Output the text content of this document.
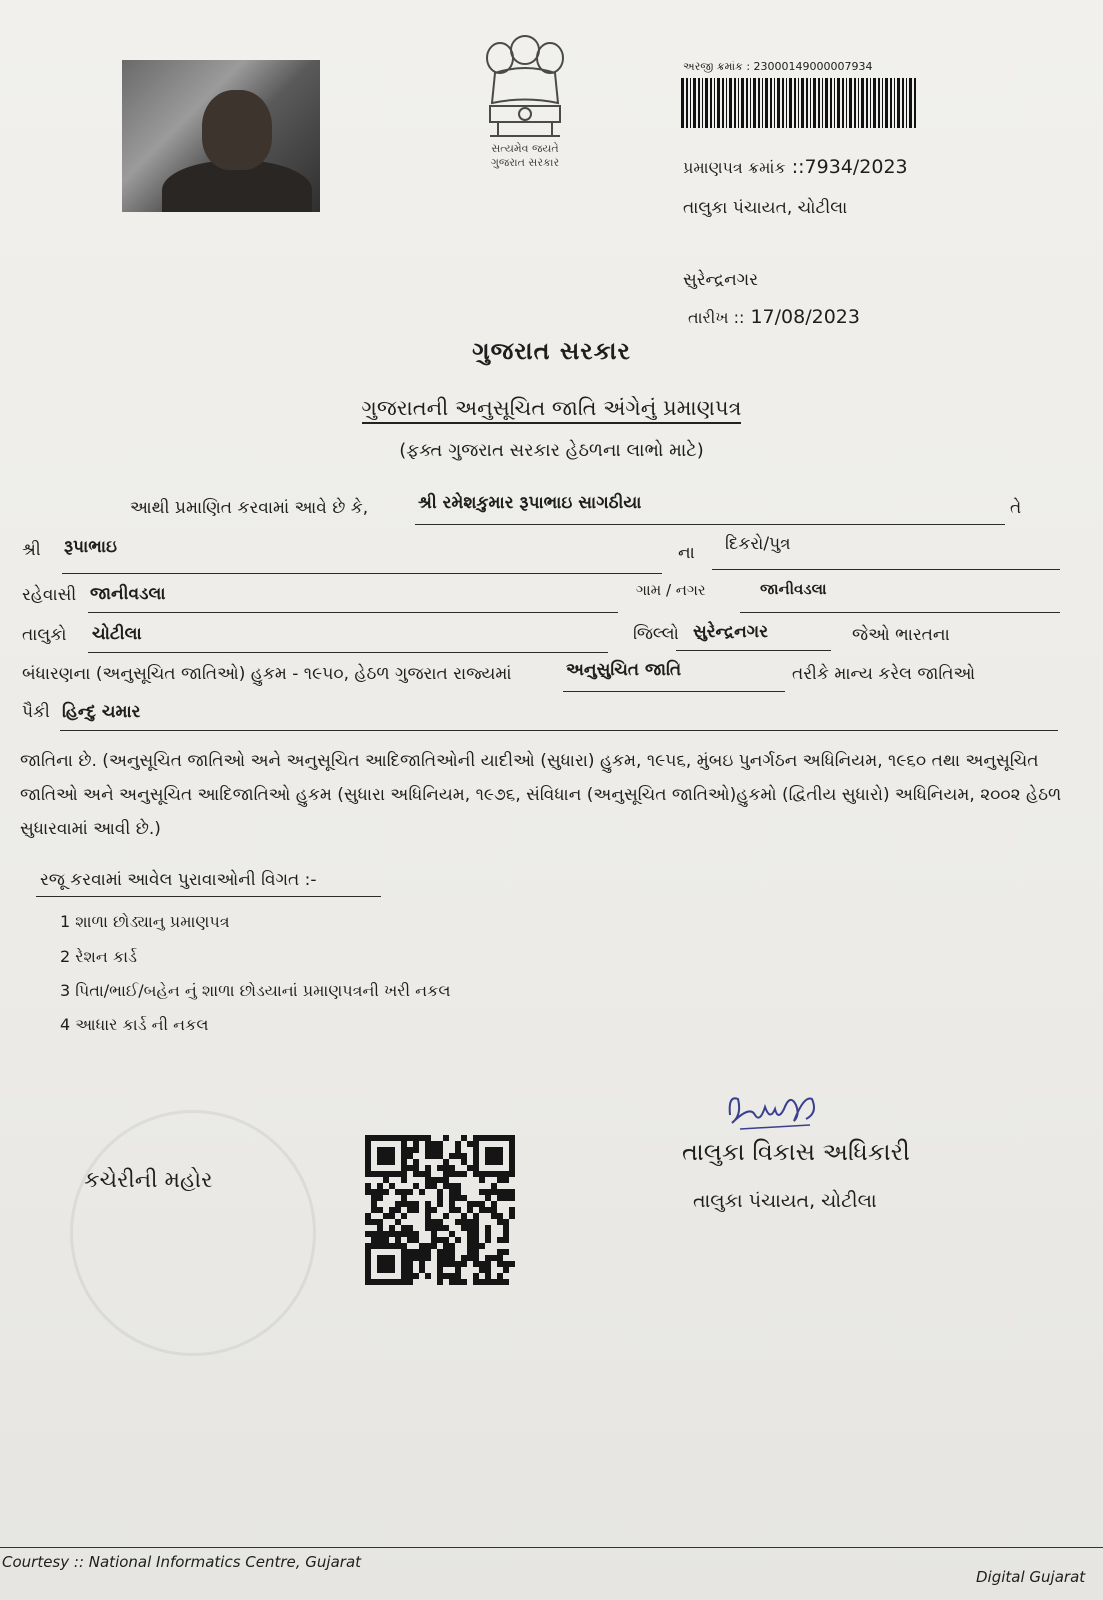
સત્યમેવ જયતે
ગુજરાત સરકાર
અરજી ક્રમાંક : 23000149000007934
પ્રમાણપત્ર ક્રમાંક ::7934/2023
તાલુકા પંચાયત, ચોટીલા
સુરેન્દ્રનગર
તારીખ :: 17/08/2023
ગુજરાત સરકાર
ગુજરાતની અનુસૂચિત જાતિ અંગેનું પ્રમાણપત્ર
(ફક્ત ગુજરાત સરકાર હેઠળના લાભો માટે)
આથી પ્રમાણિત કરવામાં આવે છે કે,	શ્રી રમેશકુમાર રૂપાભાઇ સાગઠીયા	તે
શ્રી રૂપાભાઇ	ના દિકરો/પુત્ર
રહેવાસી જાનીવડલા	ગામ / નગર	જાનીવડલા
તાલુકો ચોટીલા	જિલ્લો સુરેન્દ્રનગર	જેઓ ભારતના
બંધારણના (અનુસૂચિત જાતિઓ) હુકમ - ૧૯૫૦, હેઠળ ગુજરાત રાજ્યમાં	અનુસુચિત જાતિ	તરીકે માન્ય કરેલ જાતિઓ
પૈકી હિન્દુ ચમાર
જાતિના છે. (અનુસૂચિત જાતિઓ અને અનુસૂચિત આદિજાતિઓની યાદીઓ (સુધારા) હુકમ, ૧૯૫૬, મુંબઇ પુનર્ગઠન અધિનિયમ, ૧૯૬૦ તથા અનુસૂચિત જાતિઓ અને અનુસૂચિત આદિજાતિઓ હુકમ (સુધારા અધિનિયમ, ૧૯૭૬, સંવિધાન (અનુસૂચિત જાતિઓ)હુકમો (દ્વિતીય સુધારો) અધિનિયમ, ૨૦૦૨ હેઠળ સુધારવામાં આવી છે.)
રજૂ કરવામાં આવેલ પુરાવાઓની વિગત :-
1 શાળા છોડ્યાનુ પ્રમાણપત્ર
2 રેશન કાર્ડ
3 પિતા/ભાઈ/બહેન નું શાળા છોડયાનાં પ્રમાણપત્રની ખરી નકલ
4 આધાર કાર્ડ ની નકલ
કચેરીની મહોર
તાલુકા વિકાસ અધિકારી
તાલુકા પંચાયત, ચોટીલા
Courtesy :: National Informatics Centre, Gujarat
Digital Gujarat
